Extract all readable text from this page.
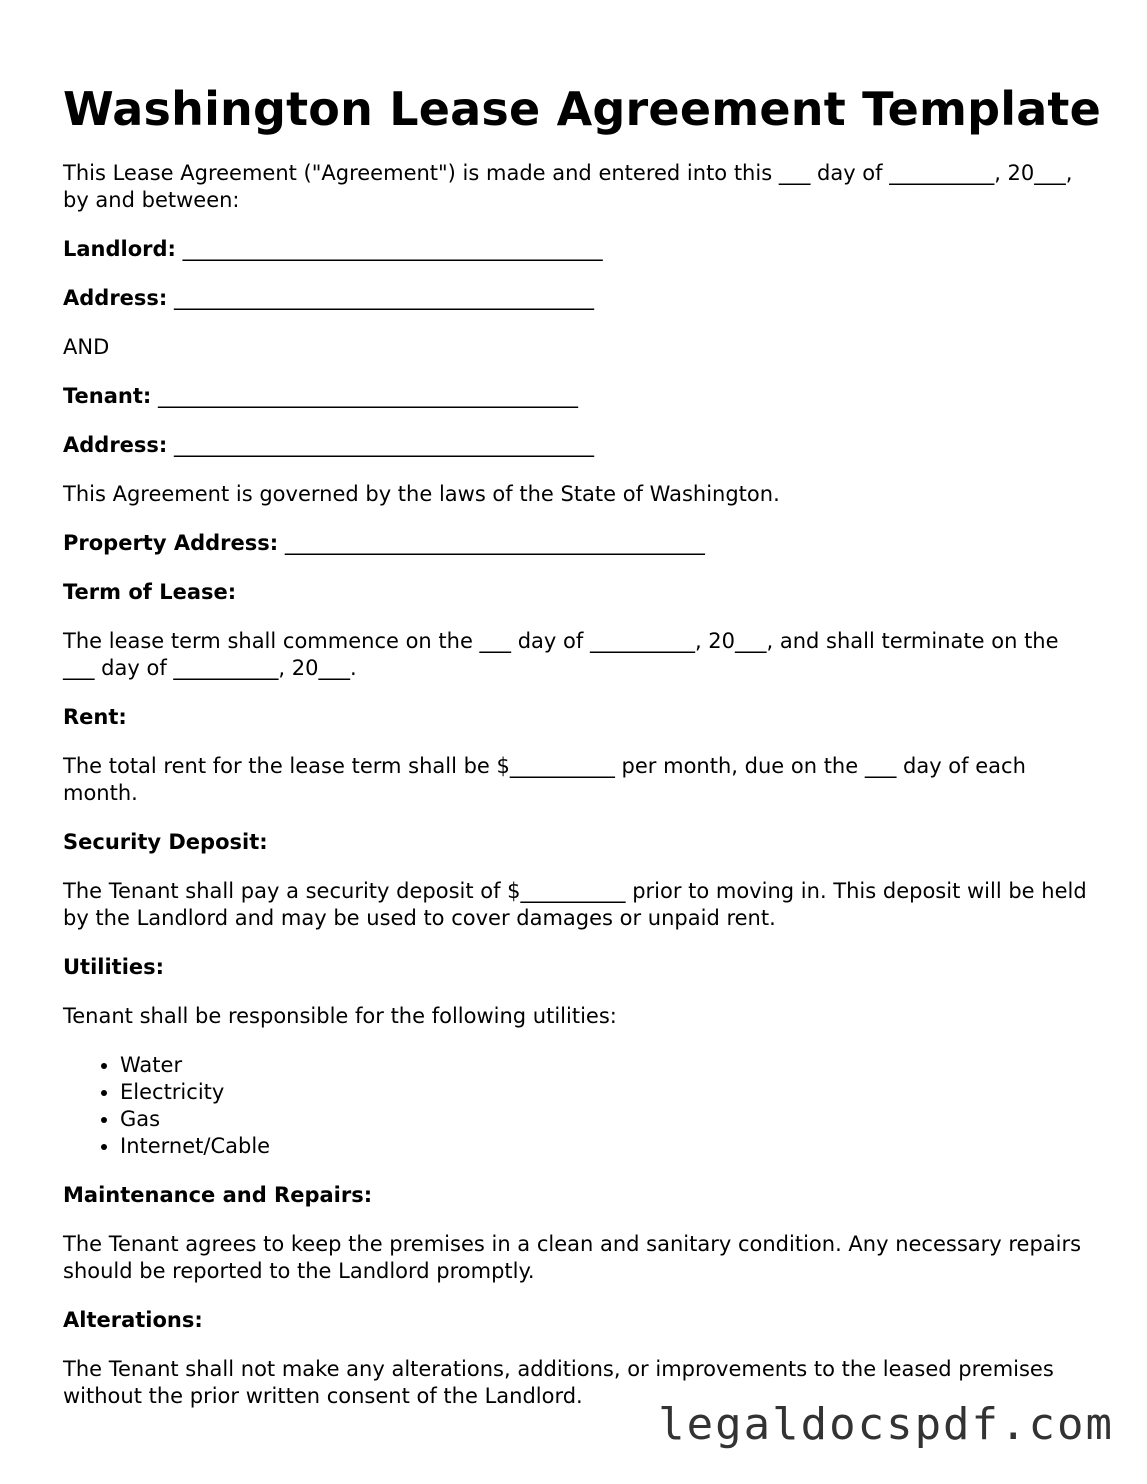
Washington Lease Agreement Template

This Lease Agreement ("Agreement") is made and entered into this ___ day of __________, 20___, by and between:

Landlord: ________________________________________
Address: ________________________________________

AND

Tenant: ________________________________________
Address: ________________________________________

This Agreement is governed by the laws of the State of Washington.

Property Address: ________________________________________
Term of Lease:

The lease term shall commence on the ___ day of __________, 20___, and shall terminate on the ___ day of __________, 20___.

Rent:

The total rent for the lease term shall be $__________ per month, due on the ___ day of each month.

Security Deposit:

The Tenant shall pay a security deposit of $__________ prior to moving in. This deposit will be held by the Landlord and may be used to cover damages or unpaid rent.

Utilities:

Tenant shall be responsible for the following utilities:

• Water
• Electricity
• Gas
• Internet/Cable
Maintenance and Repairs:

The Tenant agrees to keep the premises in a clean and sanitary condition. Any necessary repairs should be reported to the Landlord promptly.

Alterations:

The Tenant shall not make any alterations, additions, or improvements to the leased premises without the prior written consent of the Landlord.

legaldocspdf.com
